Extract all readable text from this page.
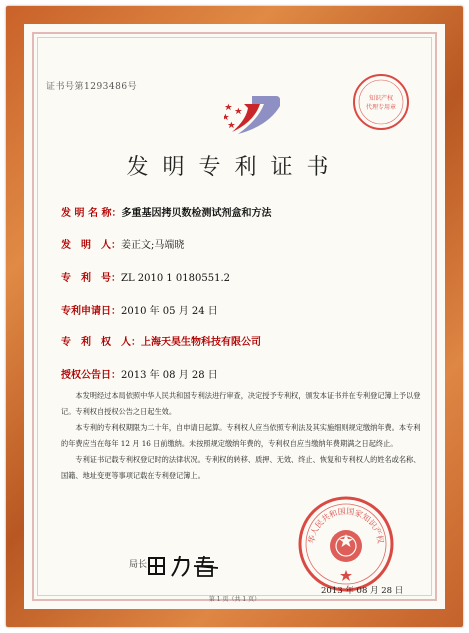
证书号第1293486号
知识产权
代理专用章
发明专利证书
发 明 名 称：多重基因拷贝数检测试剂盒和方法
发　明　人：姜正文;马端晓
专　利　号：ZL 2010 1 0180551.2
专利申请日：2010 年 05 月 24 日
专　利　权　人：上海天昊生物科技有限公司
授权公告日：2013 年 08 月 28 日

本发明经过本局依照中华人民共和国专利法进行审查，决定授予专利权，颁发本证书并在专利登记簿上予以登记。专利权自授权公告之日起生效。

本专利的专利权期限为二十年，自申请日起算。专利权人应当依照专利法及其实施细则规定缴纳年费。本专利的年费应当在每年 12 月 16 日前缴纳。未按照规定缴纳年费的，专利权自应当缴纳年费期满之日起终止。

专利证书记载专利权登记时的法律状况。专利权的转移、质押、无效、终止、恢复和专利权人的姓名或名称、国籍、地址变更等事项记载在专利登记簿上。

局长
华人民共和国国家知识产权
2013 年 08 月 28 日
第 1 页（共 1 页）
